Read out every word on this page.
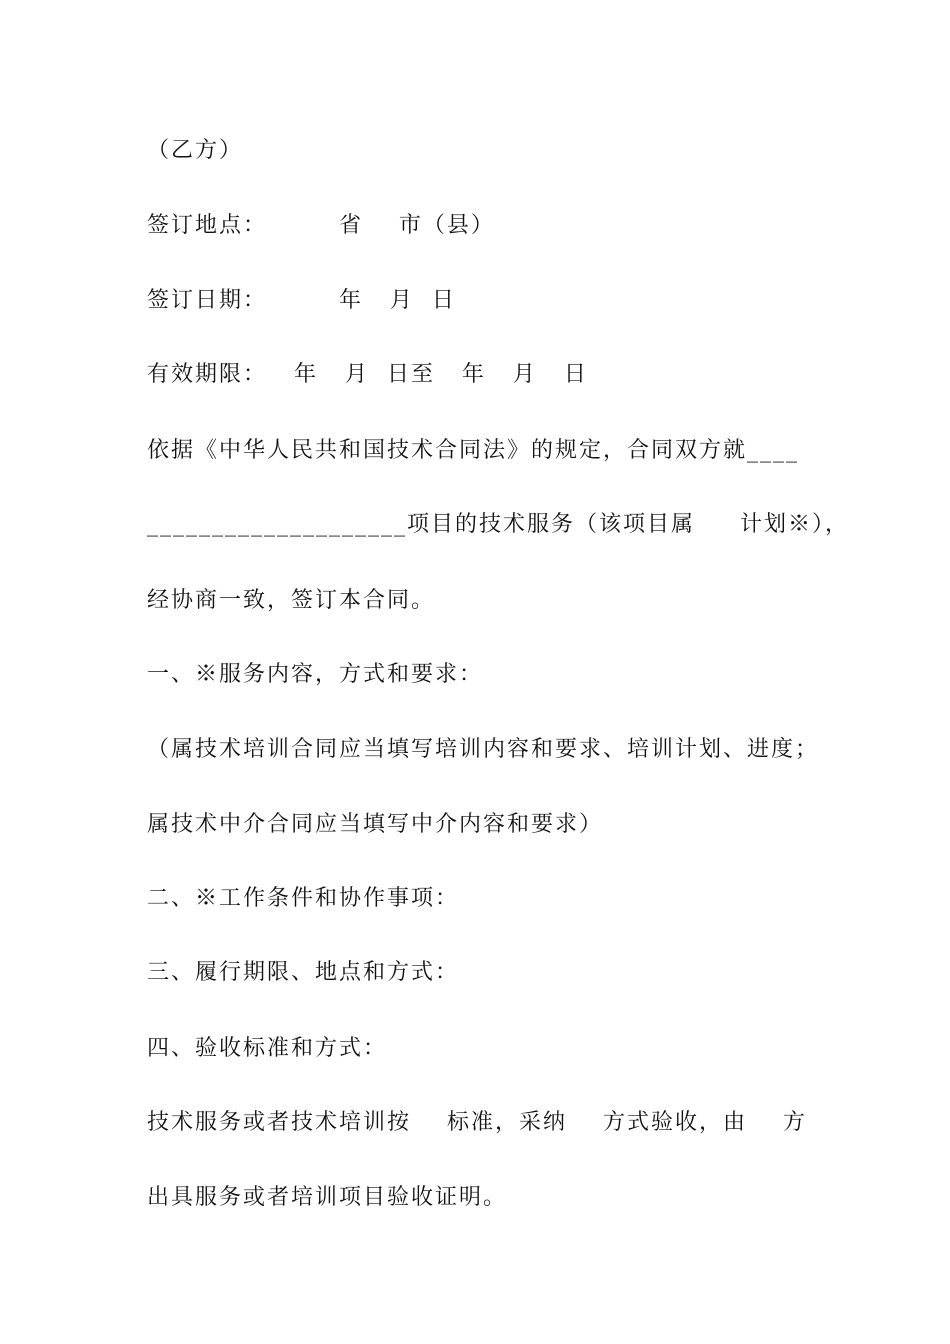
（乙方）
签订地点：        省    市（县）
签订日期：        年   月  日
有效期限：   年   月  日至   年   月   日
依据《中华人民共和国技术合同法》的规定，合同双方就____
____________________项目的技术服务（该项目属     计划※），
经协商一致，签订本合同。
一、※服务内容，方式和要求：
（属技术培训合同应当填写培训内容和要求、培训计划、进度；
属技术中介合同应当填写中介内容和要求）
二、※工作条件和协作事项：
三、履行期限、地点和方式：
四、验收标准和方式：
技术服务或者技术培训按    标准，采纳    方式验收，由    方
出具服务或者培训项目验收证明。
